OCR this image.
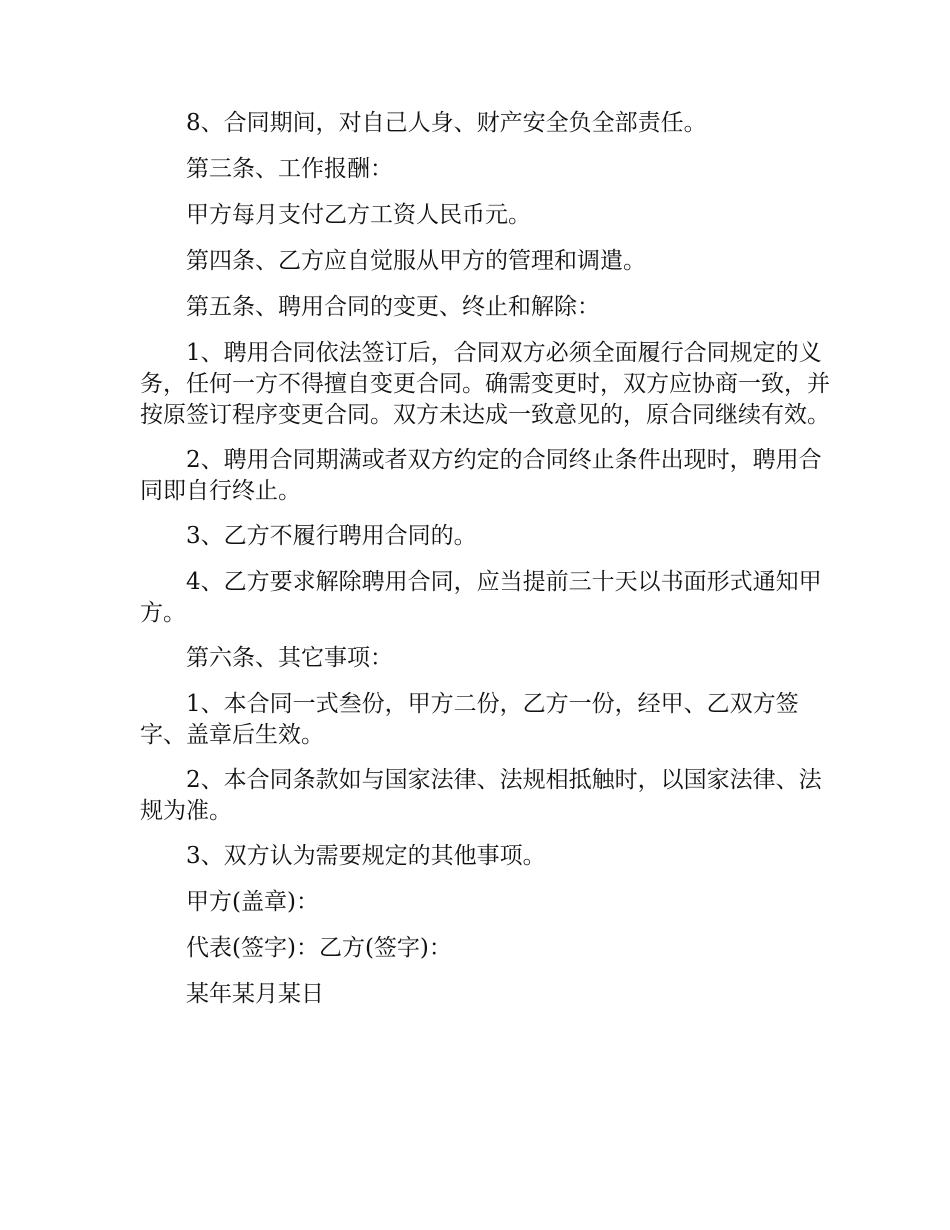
8、合同期间，对自己人身、财产安全负全部责任。

第三条、工作报酬：

甲方每月支付乙方工资人民币元。

第四条、乙方应自觉服从甲方的管理和调遣。

第五条、聘用合同的变更、终止和解除：

1、聘用合同依法签订后，合同双方必须全面履行合同规定的义务，任何一方不得擅自变更合同。确需变更时，双方应协商一致，并按原签订程序变更合同。双方未达成一致意见的，原合同继续有效。

2、聘用合同期满或者双方约定的合同终止条件出现时，聘用合同即自行终止。

3、乙方不履行聘用合同的。

4、乙方要求解除聘用合同，应当提前三十天以书面形式通知甲方。

第六条、其它事项：

1、本合同一式叁份，甲方二份，乙方一份，经甲、乙双方签字、盖章后生效。

2、本合同条款如与国家法律、法规相抵触时，以国家法律、法规为准。

3、双方认为需要规定的其他事项。

甲方(盖章)：

代表(签字)：乙方(签字)：

某年某月某日
